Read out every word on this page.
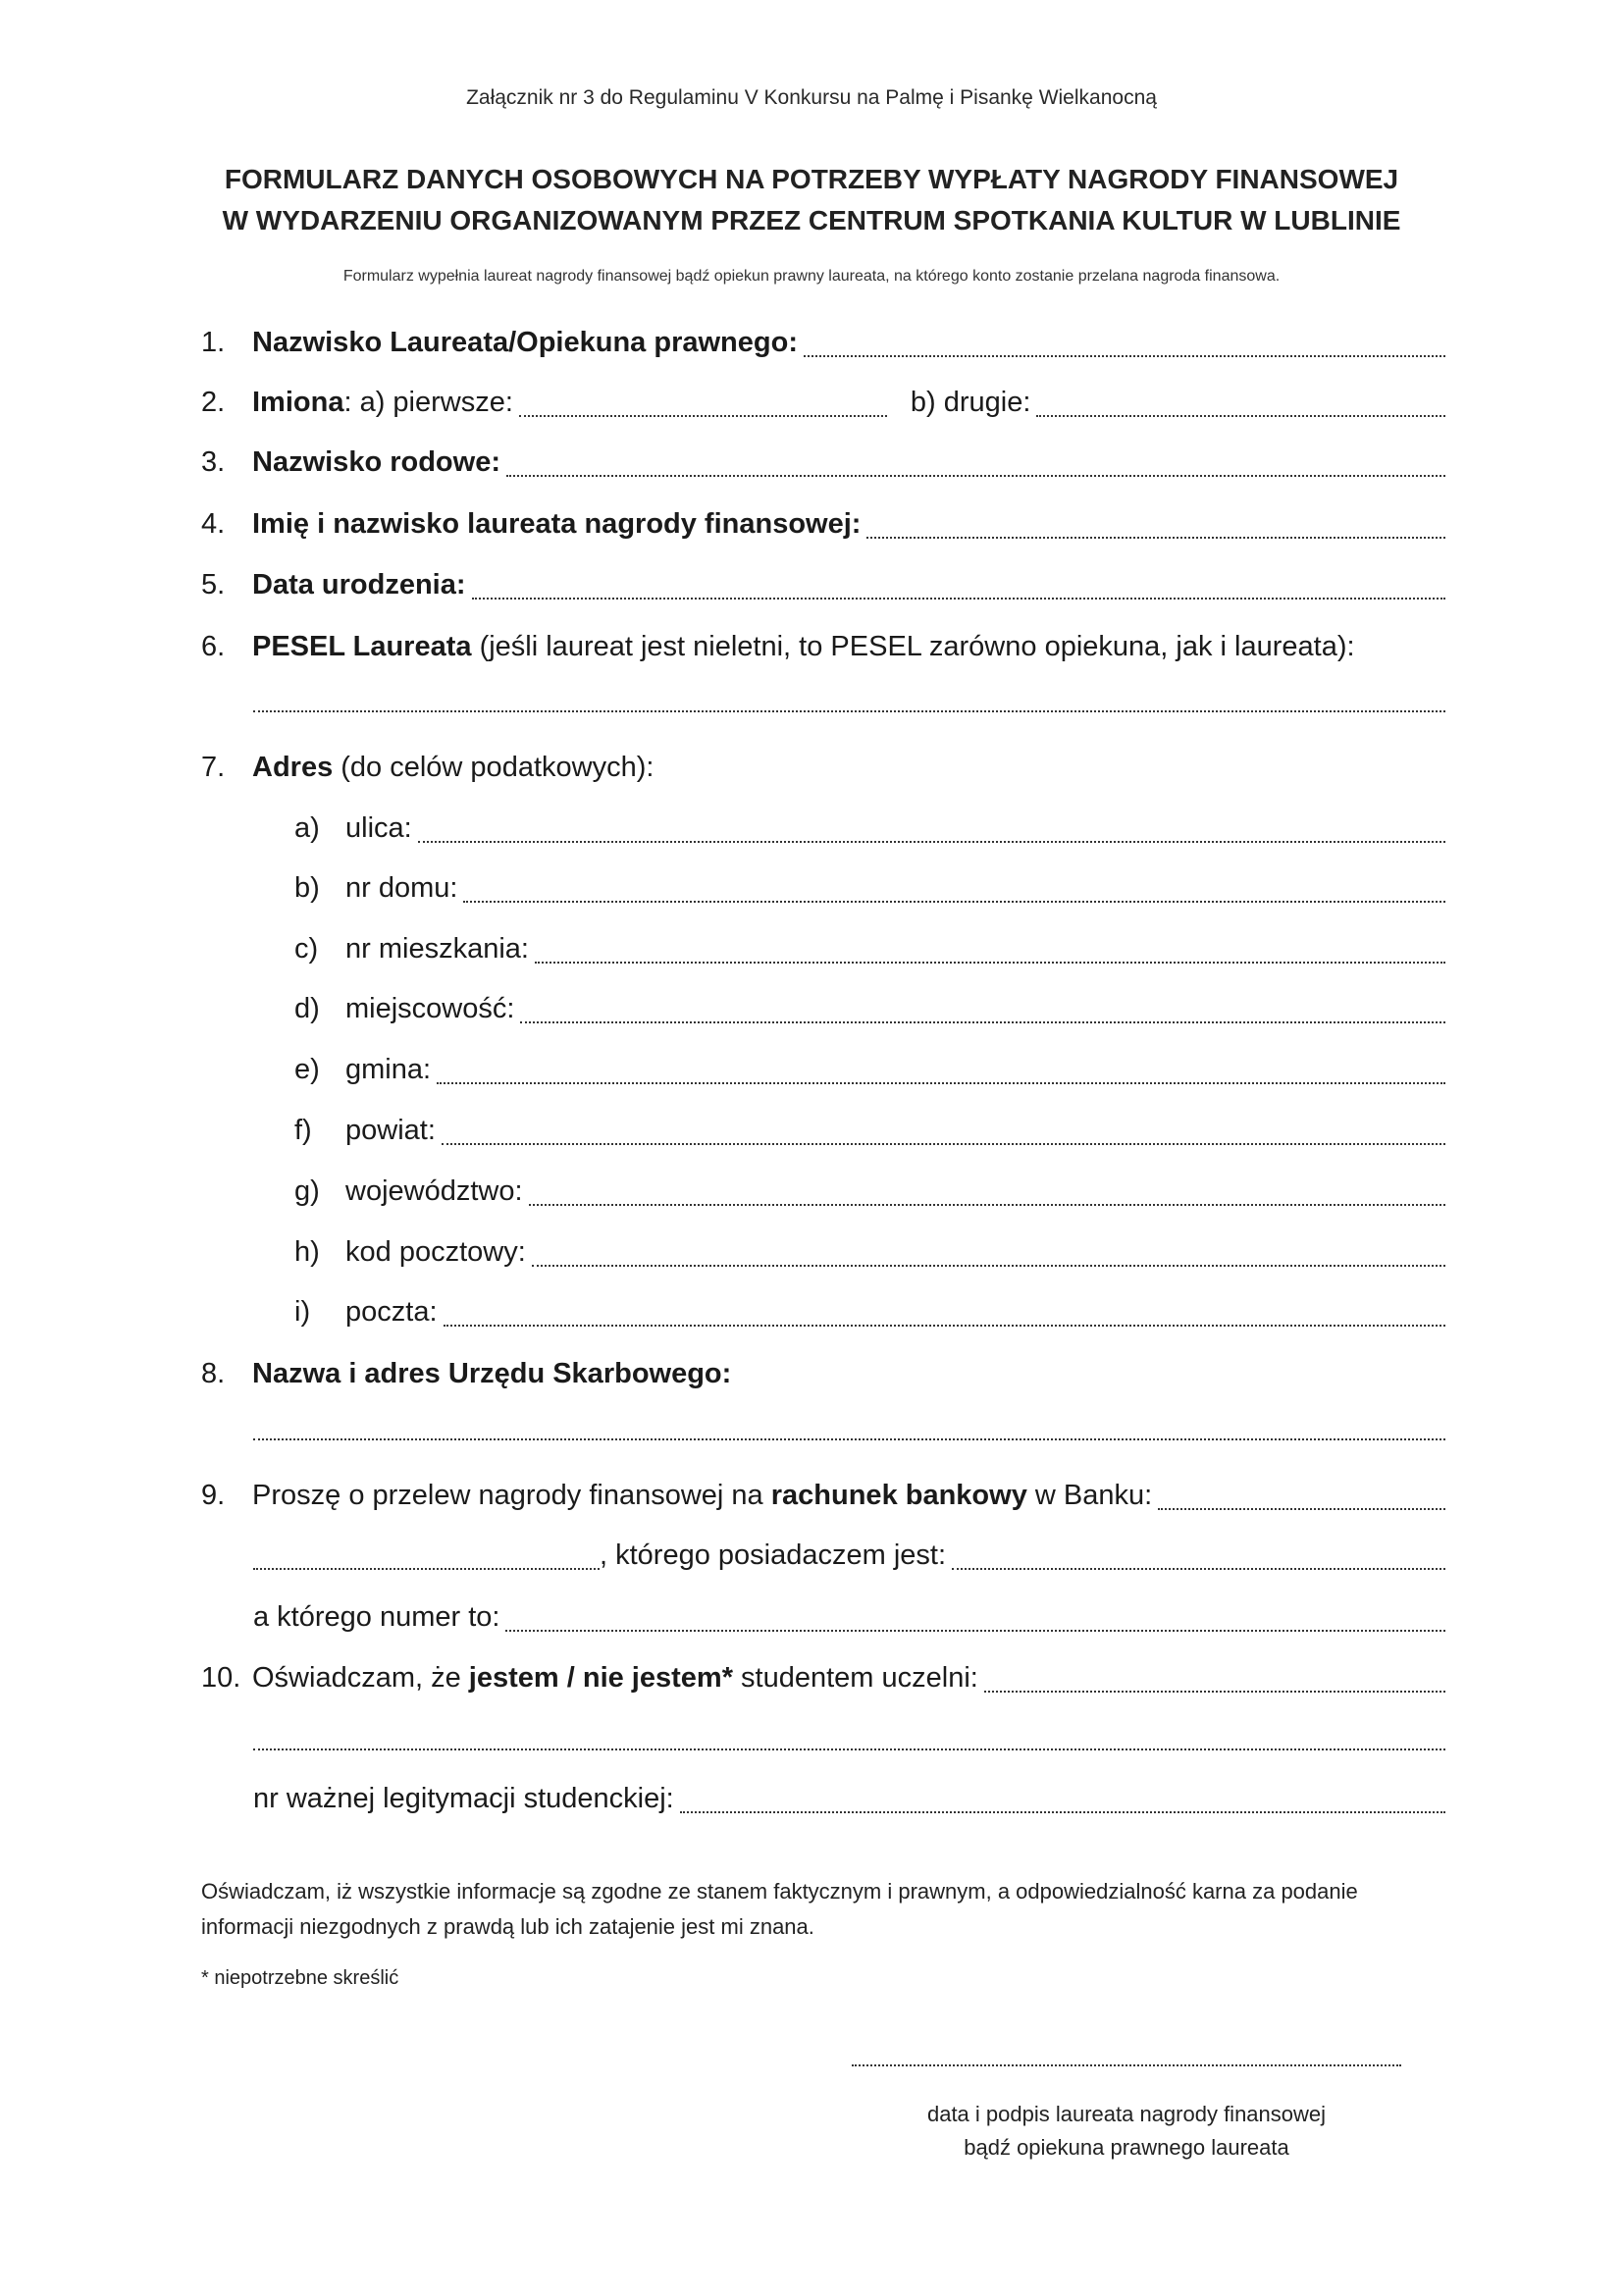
Załącznik nr 3 do Regulaminu V Konkursu na Palmę i Pisankę Wielkanocną
FORMULARZ DANYCH OSOBOWYCH NA POTRZEBY WYPŁATY NAGRODY FINANSOWEJ
W WYDARZENIU ORGANIZOWANYM PRZEZ CENTRUM SPOTKANIA KULTUR W LUBLINIE
Formularz wypełnia laureat nagrody finansowej bądź opiekun prawny laureata, na którego konto zostanie przelana nagroda finansowa.
1. Nazwisko Laureata/Opiekuna prawnego:
2. Imiona : a) pierwsze:	b) drugie:
3. Nazwisko rodowe:
4. Imię i nazwisko laureata nagrody finansowej:
5. Data urodzenia:
6. PESEL Laureata (jeśli laureat jest nieletni, to PESEL zarówno opiekuna, jak i laureata):
7. Adres (do celów podatkowych):
a) ulica:
b) nr domu:
c) nr mieszkania:
d) miejscowość:
e) gmina:
f)	powiat:
g) województwo:
h) kod pocztowy:
i)	poczta:
8. Nazwa i adres Urzędu Skarbowego:
9. Proszę o przelew nagrody finansowej na rachunek bankowy w Banku:
, którego posiadaczem jest:
a którego numer to:
10. Oświadczam, że jestem / nie jestem* studentem uczelni:
nr ważnej legitymacji studenckiej:
Oświadczam, iż wszystkie informacje są zgodne ze stanem faktycznym i prawnym, a odpowiedzialność karna za podanie informacji niezgodnych z prawdą lub ich zatajenie jest mi znana.
* niepotrzebne skreślić
data i podpis laureata nagrody finansowej
bądź opiekuna prawnego laureata
